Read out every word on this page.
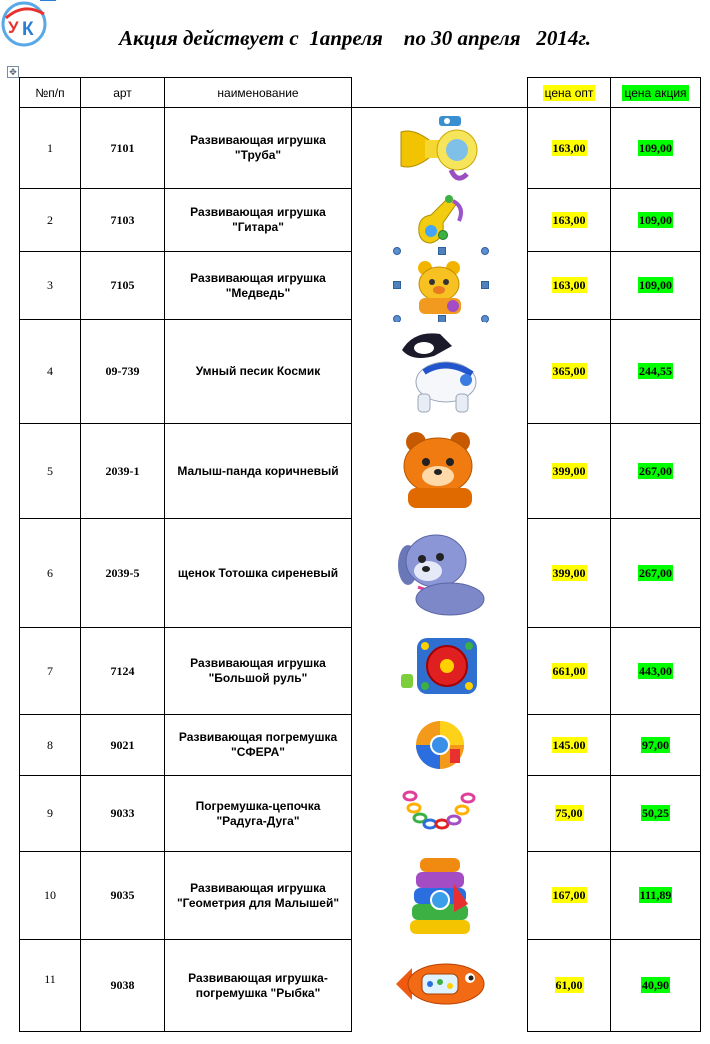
У К	Акция действует с  1апреля    по 30 апреля   2014г.
✥
№п/п	арт	наименование		цена опт	цена акция
1	7101	Развивающая игрушка "Труба"		163,00	109,00
2	7103	Развивающая игрушка "Гитара"		163,00	109,00
3	7105	Развивающая игрушка "Медведь"		163,00	109,00
4	09-739	Умный песик Космик		365,00	244,55
5	2039-1	Малыш-панда коричневый		399,00	267,00
6	2039-5	щенок Тотошка сиреневый		399,00	267,00
7	7124	Развивающая игрушка "Большой руль"		661,00	443,00
8	9021	Развивающая погремушка "СФЕРА"		145.00	97,00
9	9033	Погремушка-цепочка "Радуга-Дуга"		75,00	50,25
10	9035	Развивающая игрушка "Геометрия для Малышей"		167,00	111,89
11	9038	Развивающая игрушка-погремушка "Рыбка"		61,00	40,90
